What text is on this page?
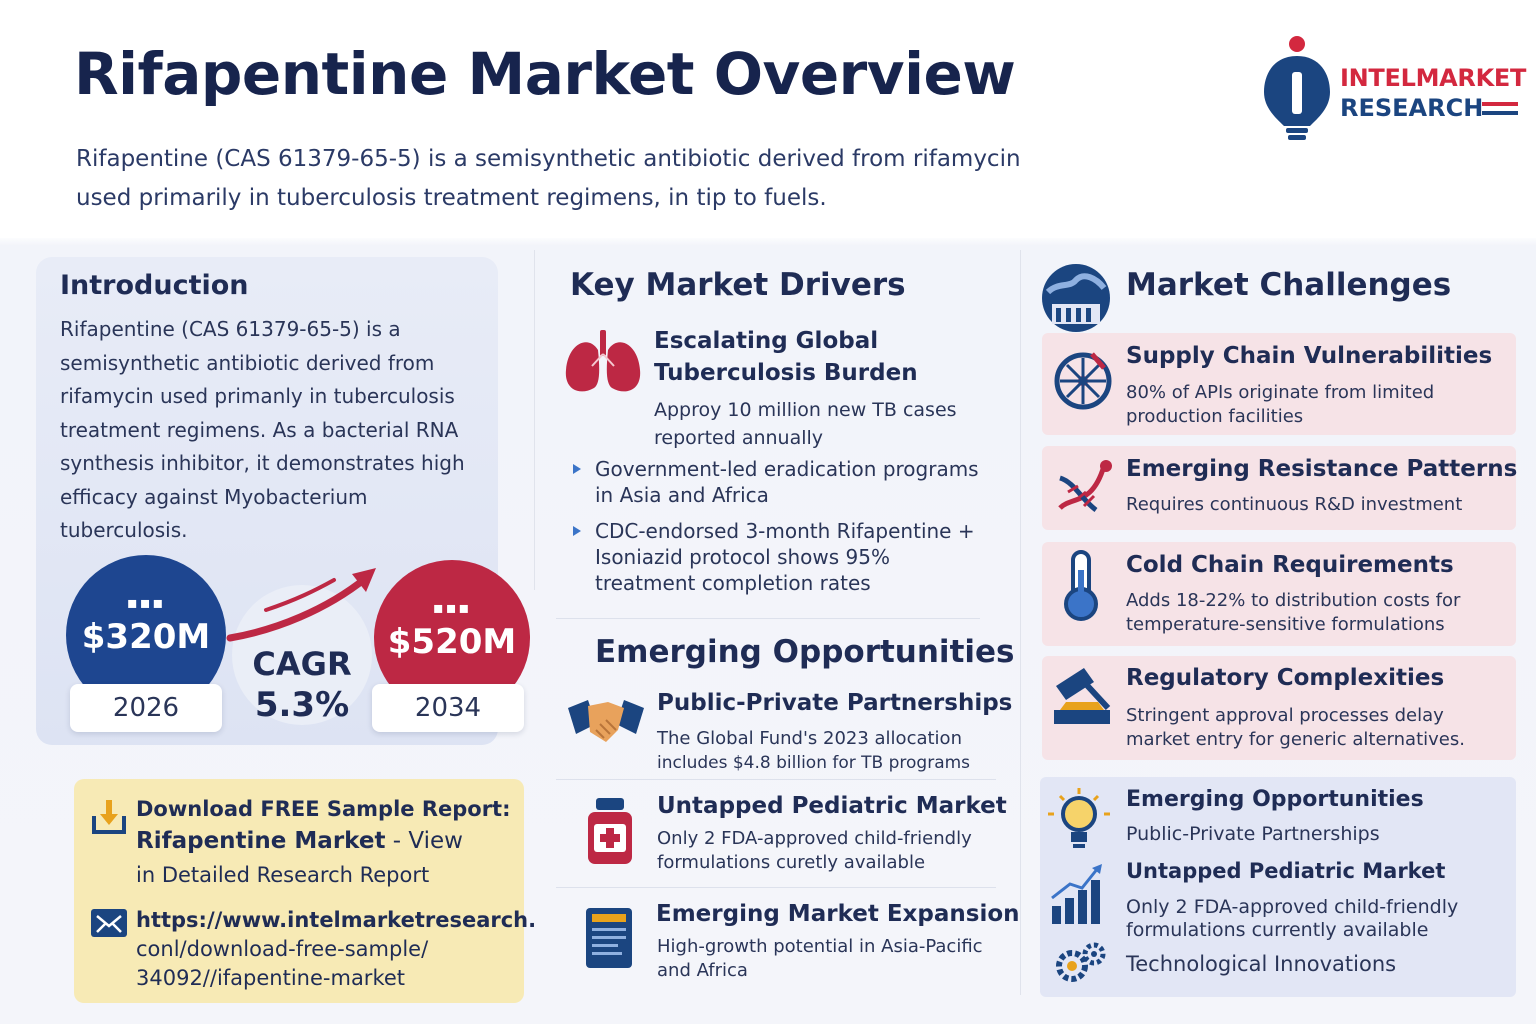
Rifapentine Market Overview
Rifapentine (CAS 61379-65-5) is a semisynthetic antibiotic derived from rifamycin used primarily in tuberculosis treatment regimens, in tip to fuels.
INTELMARKET
RESEARCH
Introduction
Rifapentine (CAS 61379-65-5) is a semisynthetic antibiotic derived from rifamycin used primanly in tuberculosis treatment regimens. As a bacterial RNA synthesis inhibitor, it demonstrates high efficacy against Myobacterium tuberculosis.
▪▪▪
$320M
▪▪▪
$520M
2026	2034
CAGR
5.3%
Download FREE Sample Report:
Rifapentine Market - View
in Detailed Research Report
https://www.intelmarketresearch.
conl/download-free-sample/
34092//ifapentine-market
Key Market Drivers
Escalating Global
Tuberculosis Burden
Approy 10 million new TB cases reported annually
Government-led eradication programs in Asia and Africa
CDC-endorsed 3-month Rifapentine + Isoniazid protocol shows 95% treatment completion rates
Emerging Opportunities
Public-Private Partnerships
The Global Fund's 2023 allocation
includes $4.8 billion for TB programs
Untapped Pediatric Market
Only 2 FDA-approved child-friendly
formulations curetly available
Emerging Market Expansion
High-growth potential in Asia-Pacific
and Africa
Market Challenges
Supply Chain Vulnerabilities
80% of APIs originate from limited
production facilities
Emerging Resistance Patterns
Requires continuous R&D investment
Cold Chain Requirements
Adds 18-22% to distribution costs for
temperature-sensitive formulations
Regulatory Complexities
Stringent approval processes delay
market entry for generic alternatives.
Emerging Opportunities
Public-Private Partnerships
Untapped Pediatric Market
Only 2 FDA-approved child-friendly
formulations currently available
Technological Innovations
